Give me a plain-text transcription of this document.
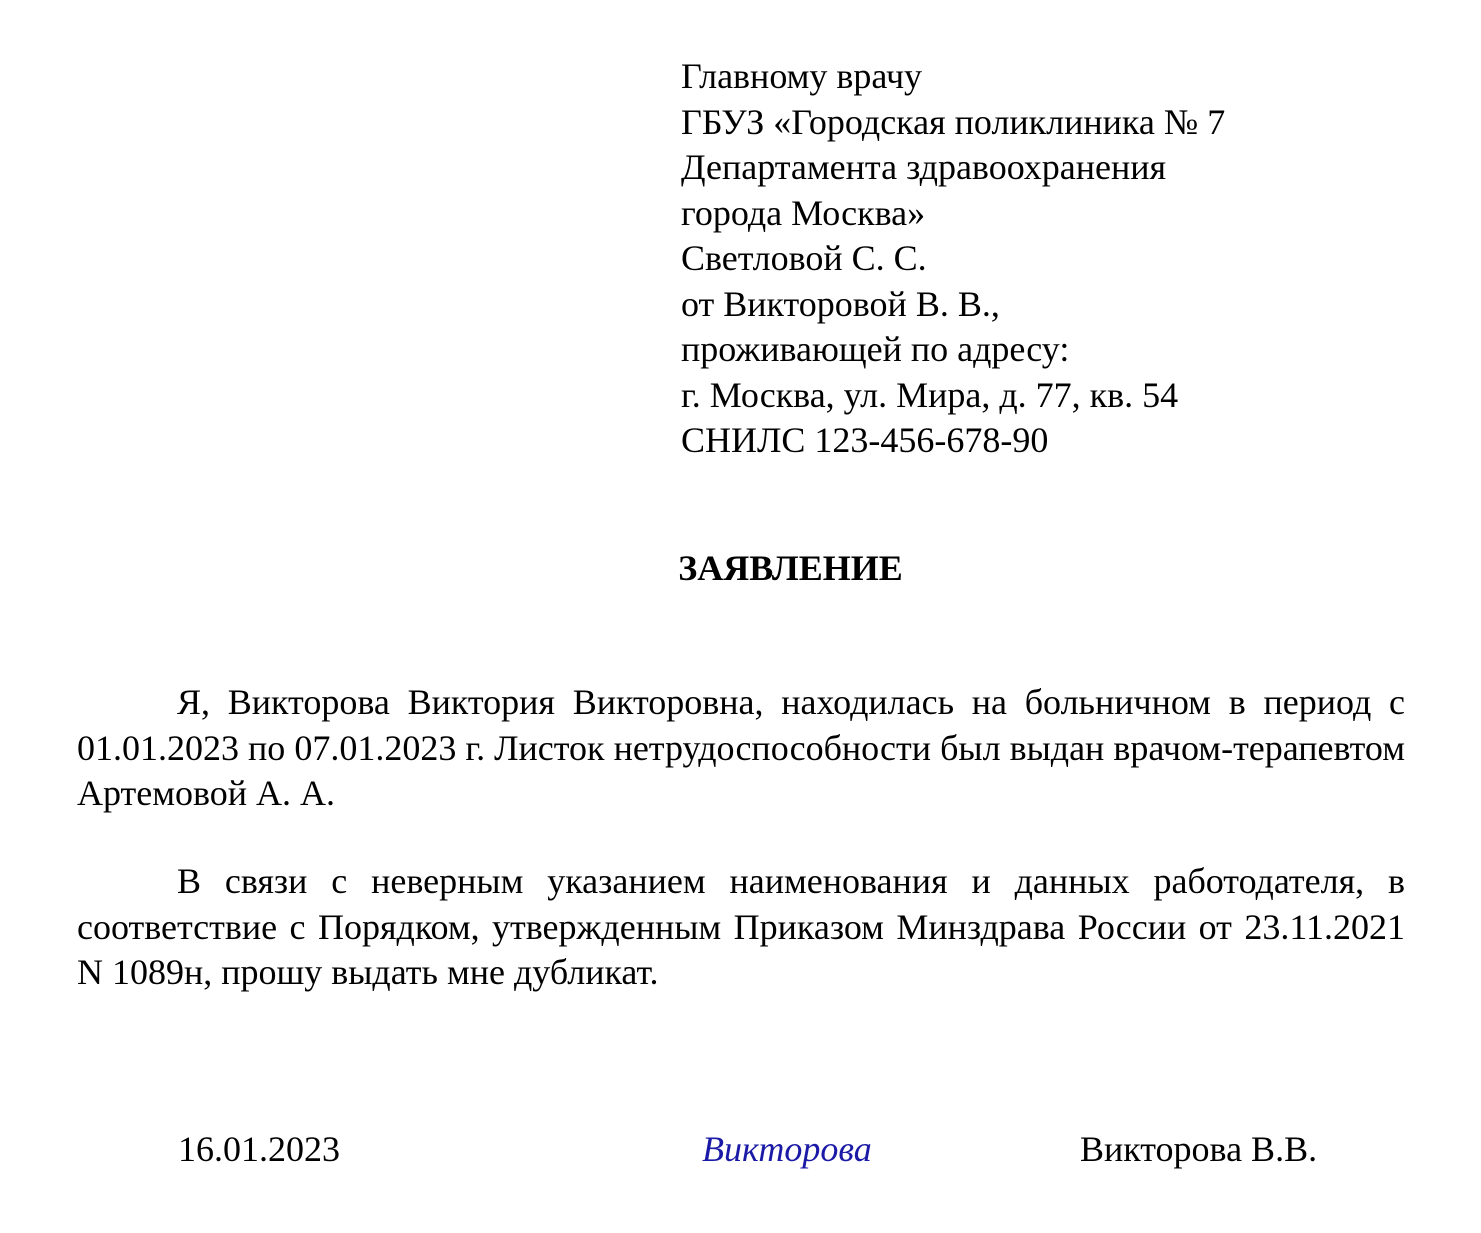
Главному врачу
ГБУЗ «Городская поликлиника № 7
Департамента здравоохранения
города Москва»
Светловой С. С.
от Викторовой В. В.,
проживающей по адресу:
г. Москва, ул. Мира, д. 77, кв. 54
СНИЛС 123-456-678-90
ЗАЯВЛЕНИЕ

Я, Викторова Виктория Викторовна, находилась на больничном в период с 01.01.2023 по 07.01.2023 г. Листок нетрудоспособности был выдан врачом-терапевтом Артемовой А. А.

В связи с неверным указанием наименования и данных работодателя, в соответствие с Порядком, утвержденным Приказом Минздрава России от 23.11.2021 N 1089н, прошу выдать мне дубликат.

16.01.2023	Викторова	Викторова В.В.
